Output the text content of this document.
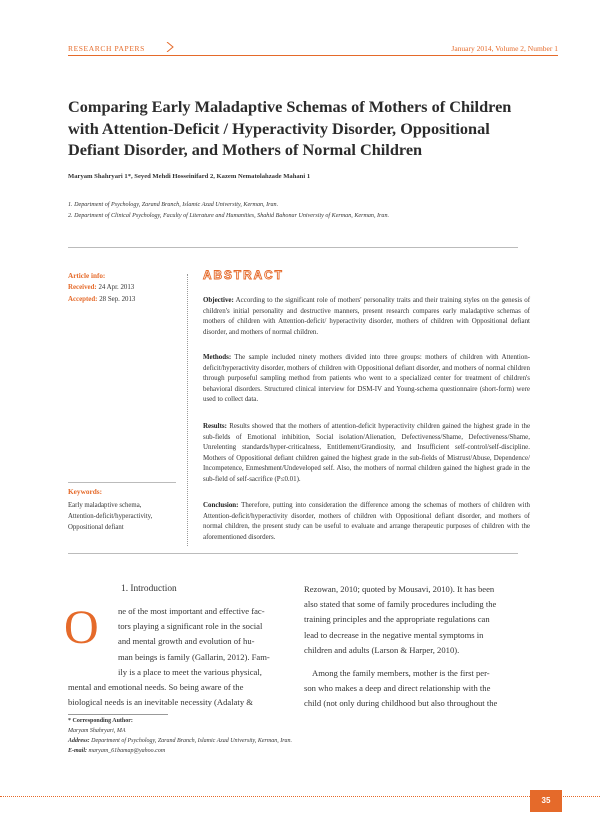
RESEARCH PAPERS	January 2014, Volume 2, Number 1
Comparing Early Maladaptive Schemas of Mothers of Children with Attention-Deficit / Hyperactivity Disorder, Oppositional Defiant Disorder, and Mothers of Normal Children
Maryam Shahryari 1*, Seyed Mehdi Hosseinifard 2, Kazem Nematolahzade Mahani 1
1. Department of Psychology, Zarand Branch, Islamic Azad University, Kerman, Iran.
2. Department of Clinical Psychology, Faculty of Literature and Humanities, Shahid Bahonar University of Kerman, Kerman, Iran.
Article info:
Received: 24 Apr. 2013
Accepted: 28 Sep. 2013
Keywords:
Early maladaptive schema,
Attention-deficit/hyperactivity,
Oppositional defiant
ABSTRACT
Objective: According to the significant role of mothers' personality traits and their training styles on the genesis of children's initial personality and destructive manners, present research compares early maladaptive schemas of mothers of children with Attention-deficit/ hyperactivity disorder, mothers of children with Oppositional defiant disorder, and mothers of normal children.
Methods: The sample included ninety mothers divided into three groups: mothers of children with Attention-deficit/hyperactivity disorder, mothers of children with Oppositional defiant disorder, and mothers of normal children through purposeful sampling method from patients who went to a specialized center for treatment of children's behavioral disorders. Structured clinical interview for DSM-IV and Young-schema questionnaire (short-form) were used to collect data.
Results: Results showed that the mothers of attention-deficit hyperactivity children gained the highest grade in the sub-fields of Emotional inhibition, Social isolation/Alienation, Defectiveness/Shame, Defectiveness/Shame, Unrelenting standards/hyper-criticalness, Entitlement/Grandiosity, and Insufficient self-control/self-discipline. Mothers of Oppositional defiant children gained the highest grade in the sub-fields of Mistrust/Abuse, Dependence/ Incompetence, Enmeshment/Undeveloped self. Also, the mothers of normal children gained the highest grade in the sub-field of self-sacrifice (P≤0.01).
Conclusion: Therefore, putting into consideration the difference among the schemas of mothers of children with Attention-deficit/hyperactivity disorder, mothers of children with Oppositional defiant disorder, and mothers of normal children, the present study can be useful to evaluate and arrange therapeutic purposes of children with the aforementioned disorders.
1. Introduction
O ne of the most important and effective fac-
tors playing a significant role in the social
and mental growth and evolution of hu-
man beings is family (Gallarin, 2012). Fam-
ily is a place to meet the various physical,
mental and emotional needs. So being aware of the
biological needs is an inevitable necessity (Adalaty &
Rezowan, 2010; quoted by Mousavi, 2010). It has been
also stated that some of family procedures including the
training principles and the appropriate regulations can
lead to decrease in the negative mental symptoms in
children and adults (Larson & Harper, 2010).
Among the family members, mother is the first per-
son who makes a deep and direct relationship with the
child (not only during childhood but also throughout the
* Corresponding Author:
Maryam Shahryari, MA
Address: Department of Psychology, Zarand Branch, Islamic Azad University, Kerman, Iran.
E-mail: maryam_61bamap@yahoo.com
35
